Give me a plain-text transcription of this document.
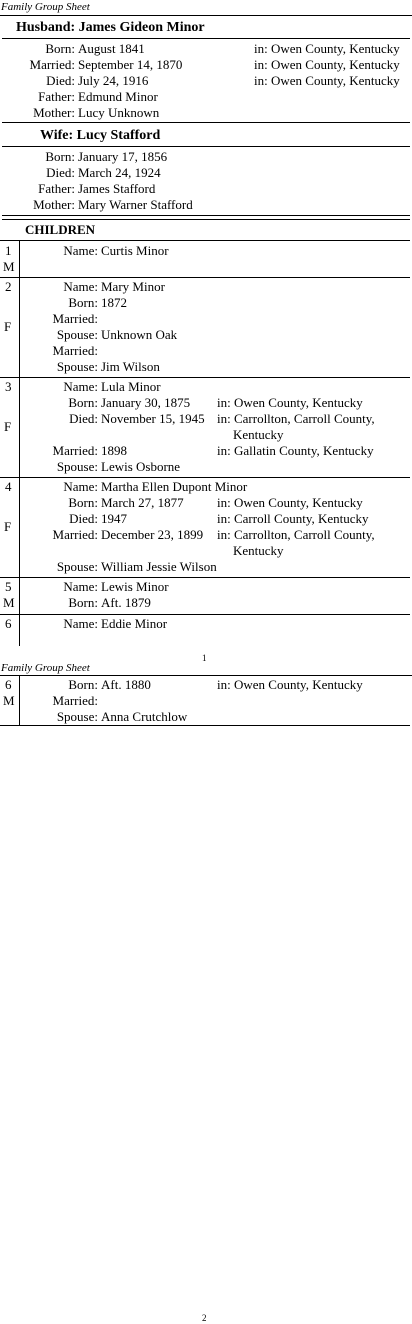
Family Group Sheet
Husband: James Gideon Minor
Born: August 1841	in: Owen County, Kentucky
Married: September 14, 1870	in: Owen County, Kentucky
Died: July 24, 1916	in: Owen County, Kentucky
Father: Edmund Minor
Mother: Lucy Unknown
Wife: Lucy Stafford
Born: January 17, 1856
Died: March 24, 1924
Father: James Stafford
Mother: Mary Warner Stafford
CHILDREN
1
M
Name: Curtis Minor
2
F
Name: Mary Minor
Born: 1872
Married:
Spouse: Unknown Oak
Married:
Spouse: Jim Wilson
3
F
Name: Lula Minor
Born: January 30, 1875 in: Owen County, Kentucky
Died: November 15, 1945 in: Carrollton, Carroll County,
Kentucky
Married: 1898	in: Gallatin County, Kentucky
Spouse: Lewis Osborne
4
F
Name: Martha Ellen Dupont Minor
Born: March 27, 1877	in: Owen County, Kentucky
Died: 1947	in: Carroll County, Kentucky
Married: December 23, 1899 in: Carrollton, Carroll County,
Kentucky
Spouse: William Jessie Wilson
5
M
Name: Lewis Minor
Born: Aft. 1879
6	Name: Eddie Minor
1
Family Group Sheet
6
M
Born: Aft. 1880	in: Owen County, Kentucky
Married:
Spouse: Anna Crutchlow
2
